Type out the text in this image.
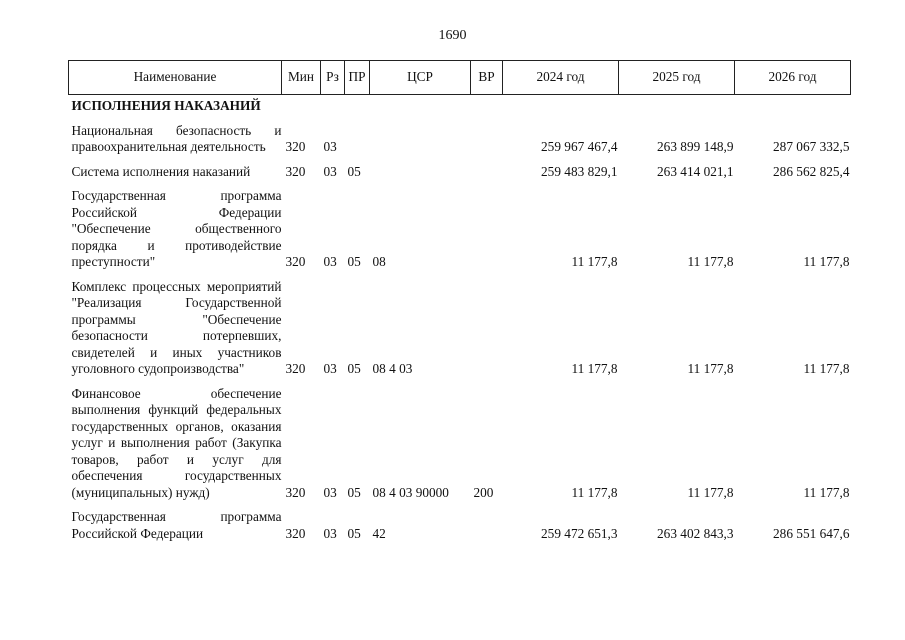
1690
Наименование	Мин	Рз	ПР	ЦСР	ВР	2024 год	2025 год	2026 год
ИСПОЛНЕНИЯ НАКАЗАНИЙ								

Национальная безопасность и правоохранительная деятельность	320	03				259 967 467,4	263 899 148,9	287 067 332,5

Система исполнения наказаний	320	03	05			259 483 829,1	263 414 021,1	286 562 825,4

Государственная программа Российской Федерации "Обеспечение общественного порядка и противодействие преступности"	320	03	05	08		11 177,8	11 177,8	11 177,8

Комплекс процессных мероприятий "Реализация Государственной программы "Обеспечение безопасности потерпевших, свидетелей и иных участников уголовного судопроизводства"	320	03	05	08 4 03		11 177,8	11 177,8	11 177,8

Финансовое обеспечение выполнения функций федеральных государственных органов, оказания услуг и выполнения работ (Закупка товаров, работ и услуг для обеспечения государственных (муниципальных) нужд)	320	03	05	08 4 03 90000	200	11 177,8	11 177,8	11 177,8

Государственная программа Российской Федерации	320	03	05	42		259 472 651,3	263 402 843,3	286 551 647,6
